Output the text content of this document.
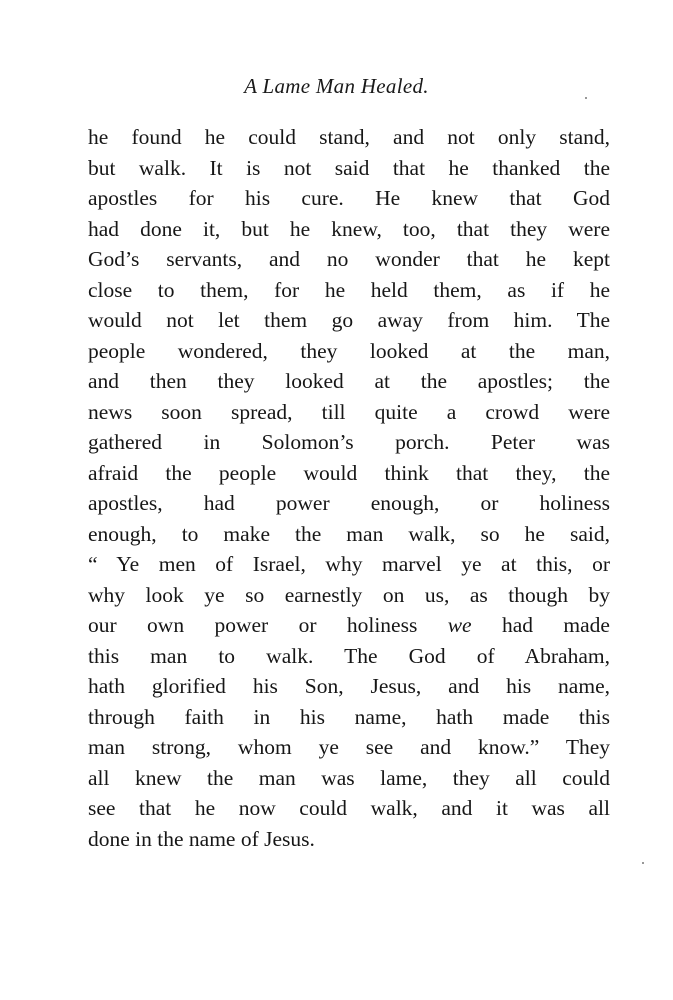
A Lame Man Healed.
he found he could stand, and not only stand,
but walk. It is not said that he thanked the
apostles for his cure. He knew that God
had done it, but he knew, too, that they were
God’s servants, and no wonder that he kept
close to them, for he held them, as if he
would not let them go away from him. The
people wondered, they looked at the man,
and then they looked at the apostles; the
news soon spread, till quite a crowd were
gathered in Solomon’s porch. Peter was
afraid the people would think that they, the
apostles, had power enough, or holiness
enough, to make the man walk, so he said,
“ Ye men of Israel, why marvel ye at this, or
why look ye so earnestly on us, as though by
our own power or holiness we had made
this man to walk. The God of Abraham,
hath glorified his Son, Jesus, and his name,
through faith in his name, hath made this
man strong, whom ye see and know.” They
all knew the man was lame, they all could
see that he now could walk, and it was all
done in the name of Jesus.
